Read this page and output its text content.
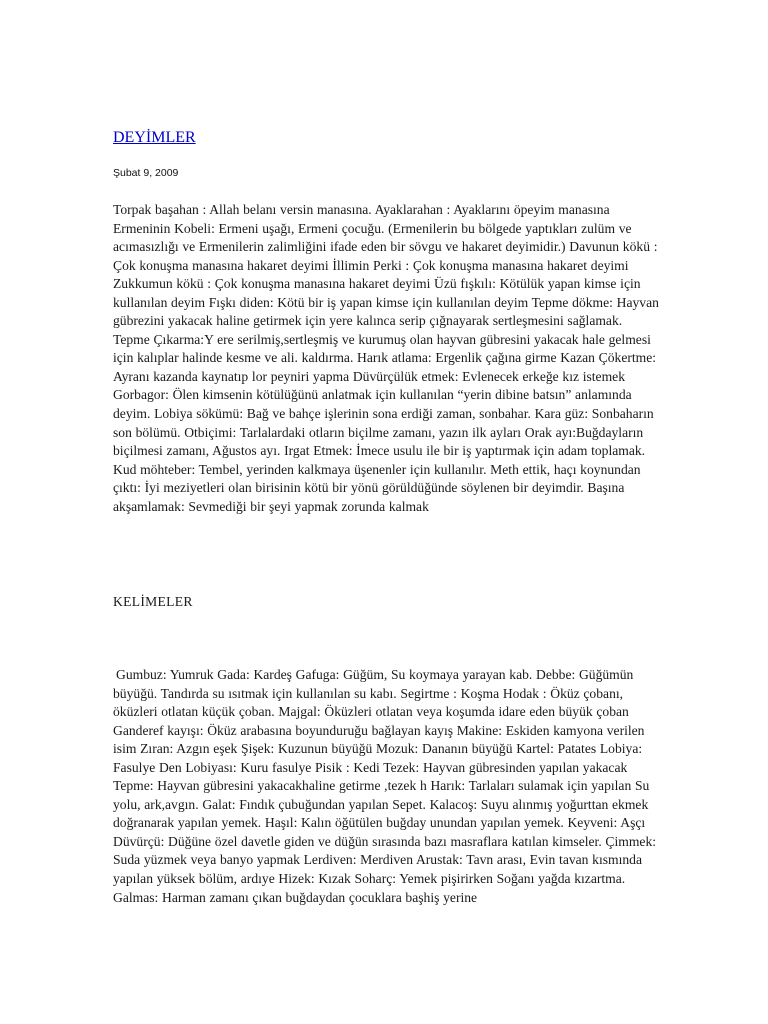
DEYİMLER
Şubat 9, 2009

Torpak başahan : Allah belanı versin manasına. Ayaklarahan : Ayaklarını öpeyim manasına Ermeninin Kobeli: Ermeni uşağı, Ermeni çocuğu. (Ermenilerin bu bölgede yaptıkları zulüm ve acımasızlığı ve Ermenilerin zalimliğini ifade eden bir sövgu ve hakaret deyimidir.) Davunun kökü : Çok konuşma manasına hakaret deyimi İllimin Perki : Çok konuşma manasına hakaret deyimi Zukkumun kökü : Çok konuşma manasına hakaret deyimi Üzü fışkılı: Kötülük yapan kimse için kullanılan deyim Fışkı diden: Kötü bir iş yapan kimse için kullanılan deyim Tepme dökme: Hayvan gübrezini yakacak haline getirmek için yere kalınca serip çığnayarak sertleşmesini sağlamak. Tepme Çıkarma:Y ere serilmiş,sertleşmiş ve kurumuş olan hayvan gübresini yakacak hale gelmesi için kalıplar halinde kesme ve ali. kaldırma. Harık atlama: Ergenlik çağına girme Kazan Çökertme: Ayranı kazanda kaynatıp lor peyniri yapma Düvürçülük etmek: Evlenecek erkeğe kız istemek Gorbagor: Ölen kimsenin kötülüğünü anlatmak için kullanılan “yerin dibine batsın” anlamında deyim. Lobiya sökümü: Bağ ve bahçe işlerinin sona erdiği zaman, sonbahar. Kara güz: Sonbaharın son bölümü. Otbiçimi: Tarlalardaki otların biçilme zamanı, yazın ilk ayları Orak ayı:Buğdayların biçilmesi zamanı, Ağustos ayı. Irgat Etmek: İmece usulu ile bir iş yaptırmak için adam toplamak. Kud möhteber: Tembel, yerinden kalkmaya üşenenler için kullanılır. Meth ettik, haçı koynundan çıktı: İyi meziyetleri olan birisinin kötü bir yönü görüldüğünde söylenen bir deyimdir. Başına akşamlamak: Sevmediği bir şeyi yapmak zorunda kalmak

KELİMELER

Gumbuz: Yumruk Gada: Kardeş Gafuga: Güğüm, Su koymaya yarayan kab. Debbe: Güğümün büyüğü. Tandırda su ısıtmak için kullanılan su kabı. Segirtme : Koşma Hodak : Öküz çobanı, öküzleri otlatan küçük çoban. Majgal: Öküzleri otlatan veya koşumda idare eden büyük çoban Ganderef kayışı: Öküz arabasına boyunduruğu bağlayan kayış Makine: Eskiden kamyona verilen isim Zıran: Azgın eşek Şişek: Kuzunun büyüğü Mozuk: Dananın büyüğü Kartel: Patates Lobiya: Fasulye Den Lobiyası: Kuru fasulye Pisik : Kedi Tezek: Hayvan gübresinden yapılan yakacak Tepme: Hayvan gübresini yakacakhaline getirme ,tezek h Harık: Tarlaları sulamak için yapılan Su yolu, ark,avgın. Galat: Fındık çubuğundan yapılan Sepet. Kalacoş: Suyu alınmış yoğurttan ekmek doğranarak yapılan yemek. Haşıl: Kalın öğütülen buğday unundan yapılan yemek. Keyveni: Aşçı Düvürçü: Düğüne özel davetle giden ve düğün sırasında bazı masraflara katılan kimseler. Çimmek: Suda yüzmek veya banyo yapmak Lerdiven: Merdiven Arustak: Tavn arası, Evin tavan kısmında yapılan yüksek bölüm, ardıye Hizek: Kızak Soharç: Yemek pişirirken Soğanı yağda kızartma. Galmas: Harman zamanı çıkan buğdaydan çocuklara başhiş yerine
